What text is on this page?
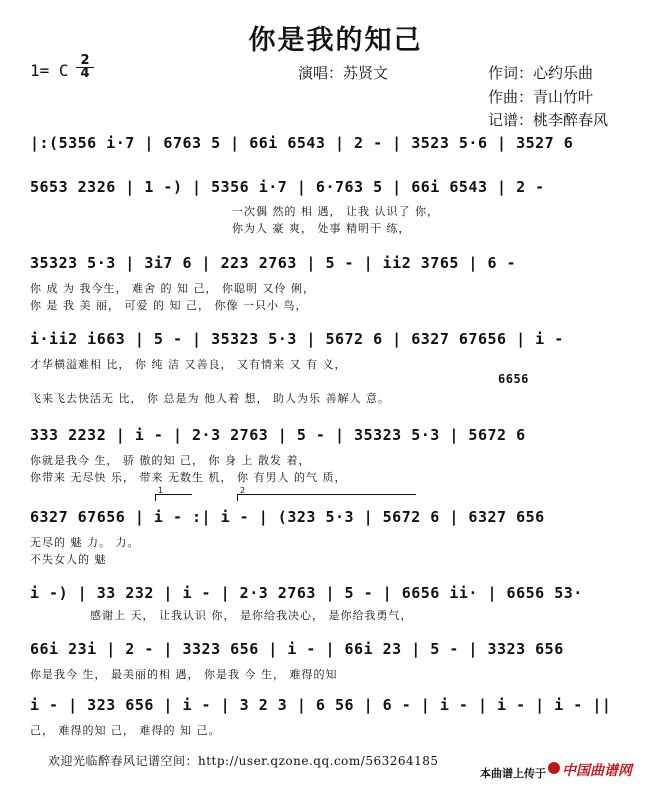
你是我的知己
1= C $\frac{2}{4}$	演唱：苏贤文	作词：心约乐曲
作曲：青山竹叶
记谱：桃李醉春风
|:(5356 i·7 | 6763 5 | 66i 6543 | 2 - | 3523 5·6 | 3527 6
5653 2326 | 1 -) | 5356 i·7 | 6·763 5 | 66i 6543 | 2 -
一次偶 然的 相 遇， 让我 认识了 你，
你为人 豪 爽， 处事 精明干 练，
35323 5·3 | 3i7 6 | 223 2763 | 5 - | ii2 3765 | 6 -
你 成 为 我今生， 难舍 的 知 己， 你聪明 又伶 俐，
你 是 我 美 丽， 可爱 的 知 己， 你像 一只小 鸟，
i·ii2 i663 | 5 - | 35323 5·3 | 5672 6 | 6327 67656 | i -
才华横溢难相 比， 你 纯 洁 又善良， 又有情来 又 有 义，
6656
飞来飞去快活无 比， 你 总是为 他人着 想， 助人为乐 善解人 意。
333 2232 | i - | 2·3 2763 | 5 - | 35323 5·3 | 5672 6
你就是我今 生， 骄 傲的知 己， 你 身 上 散发 着，
你带来 无尽快 乐， 带来 无数生 机， 你 有男人 的气 质，
1	2
6327 67656 | i - :| i - | (323 5·3 | 5672 6 | 6327 656
无尽的 魅 力。 力。
不失女人的 魅
i -) | 33 232 | i - | 2·3 2763 | 5 - | 6656 ii· | 6656 53·
感谢上 天， 让我认识 你， 是你给我决心， 是你给我勇气，
66i 23i | 2 - | 3323 656 | i - | 66i 23 | 5 - | 3323 656
你是我今 生， 最美丽的相 遇， 你是我 今 生， 难得的知
i - | 323 656 | i - | 3 2 3 | 6 56 | 6 - | i - | i - | i - ||
己， 难得的知 己， 难得的 知 己。
欢迎光临醉春风记谱空间：http://user.qzone.qq.com/563264185
本曲谱上传于 中国曲谱网
